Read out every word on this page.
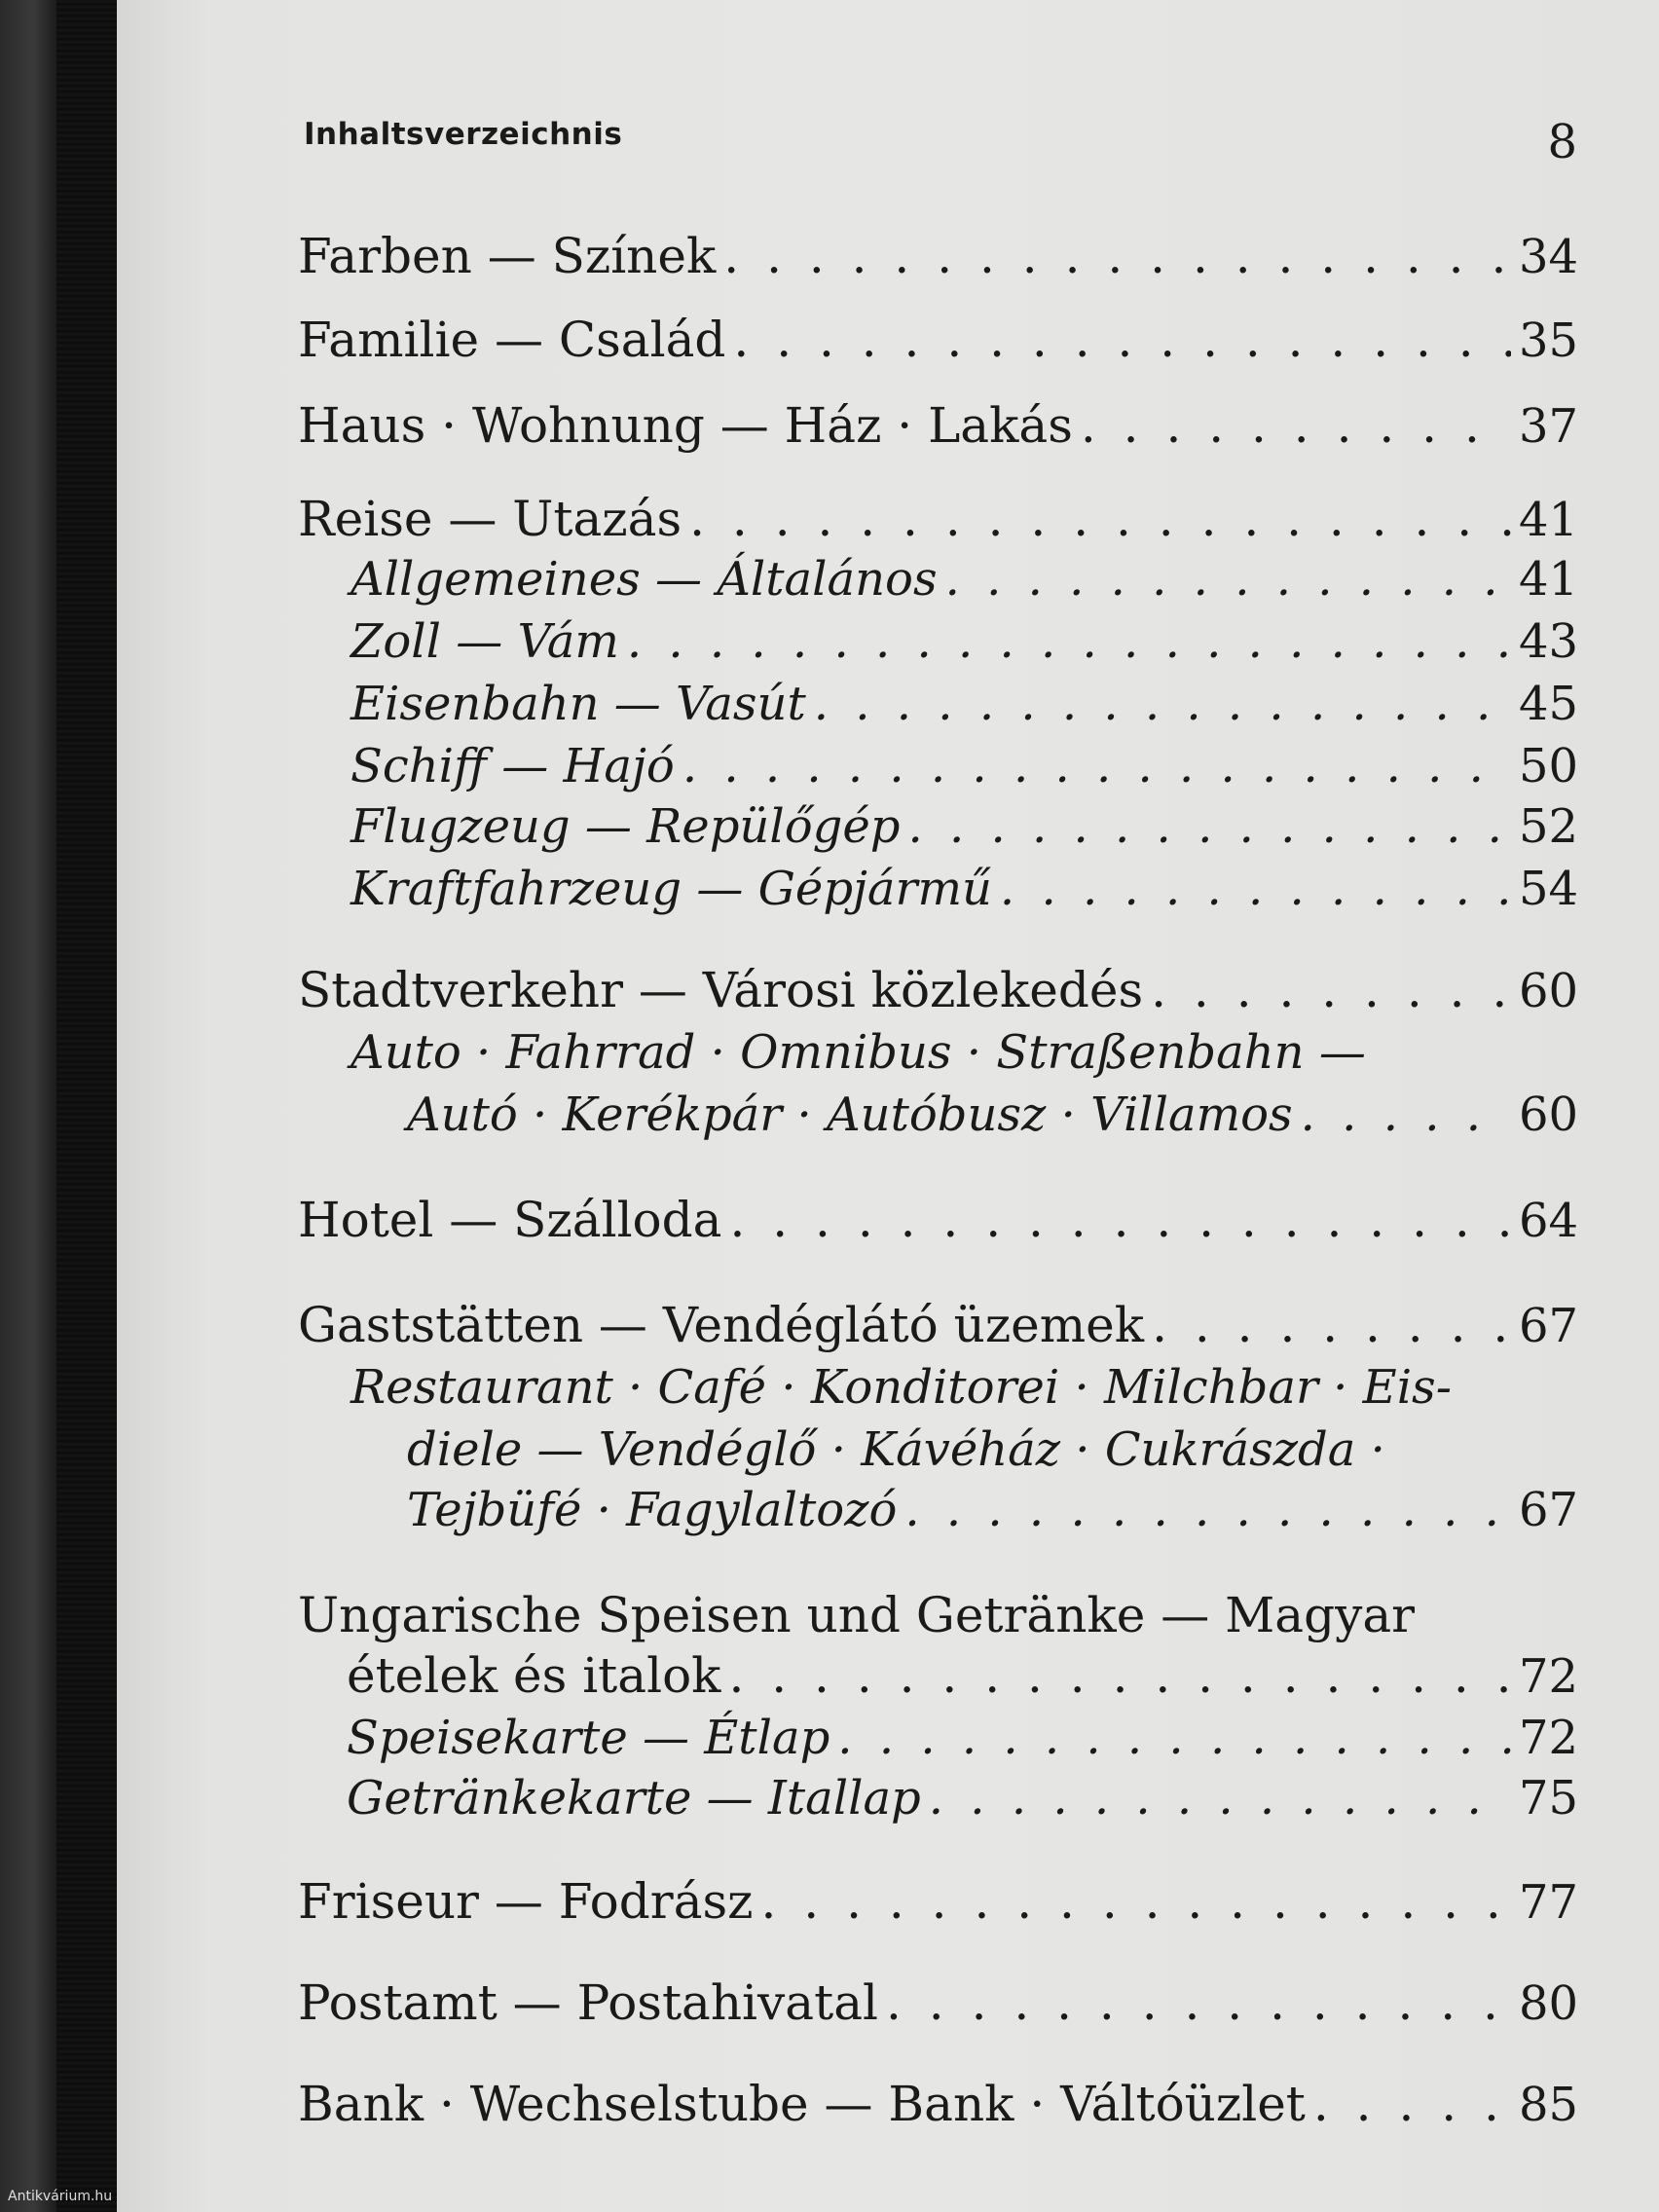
Inhaltsverzeichnis	8
Farben — Színek . . .	34
Familie — Család . . .	35
Haus · Wohnung — Ház · Lakás . . .	37
Reise — Utazás . . .	41
Allgemeines — Általános . . .	41
Zoll — Vám . . .	43
Eisenbahn — Vasút . . .	45
Schiff — Hajó . . .	50
Flugzeug — Repülőgép . . .	52
Kraftfahrzeug — Gépjármű . . .	54
Stadtverkehr — Városi közlekedés . . .	60
Auto · Fahrrad · Omnibus · Straßenbahn —
Autó · Kerékpár · Autóbusz · Villamos . . .	60
Hotel — Szálloda . . .	64
Gaststätten — Vendéglátó üzemek . . .	67
Restaurant · Café · Konditorei · Milchbar · Eis-
diele — Vendéglő · Kávéház · Cukrászda ·
Tejbüfé · Fagylaltozó . . .	67
Ungarische Speisen und Getränke — Magyar
ételek és italok . . .	72
Speisekarte — Étlap . . .	72
Getränkekarte — Itallap . . .	75
Friseur — Fodrász . . .	77
Postamt — Postahivatal . . .	80
Bank · Wechselstube — Bank · Váltóüzlet . . .	85
Antikvárium.hu
